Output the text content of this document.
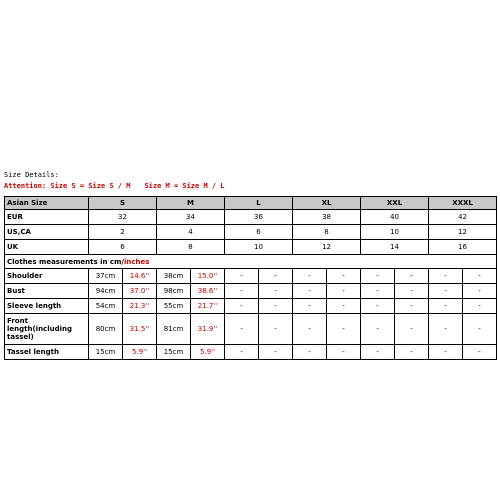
Size Details:
Attention: Size S = Size S / M Size M = Size M / L
Asian Size	S		M		L		XL		XXL		XXXL	
EUR	32		34		36		38		40		42	
US,CA	2		4		6		8		10		12	
UK	6		8		10		12		14		16	
Clothes measurements in cm/inches												
Shoulder	37cm	14.6''	38cm	15.0''	-	-	-	-	-	-	-	-
Bust	94cm	37.0''	98cm	38.6''	-	-	-	-	-	-	-	-
Sleeve length	54cm	21.3''	55cm	21.7''	-	-	-	-	-	-	-	-
Front length(including tassel)	80cm	31.5''	81cm	31.9''	-	-	-	-	-	-	-	-
Tassel length	15cm	5.9''	15cm	5.9''	-	-	-	-	-	-	-	-
